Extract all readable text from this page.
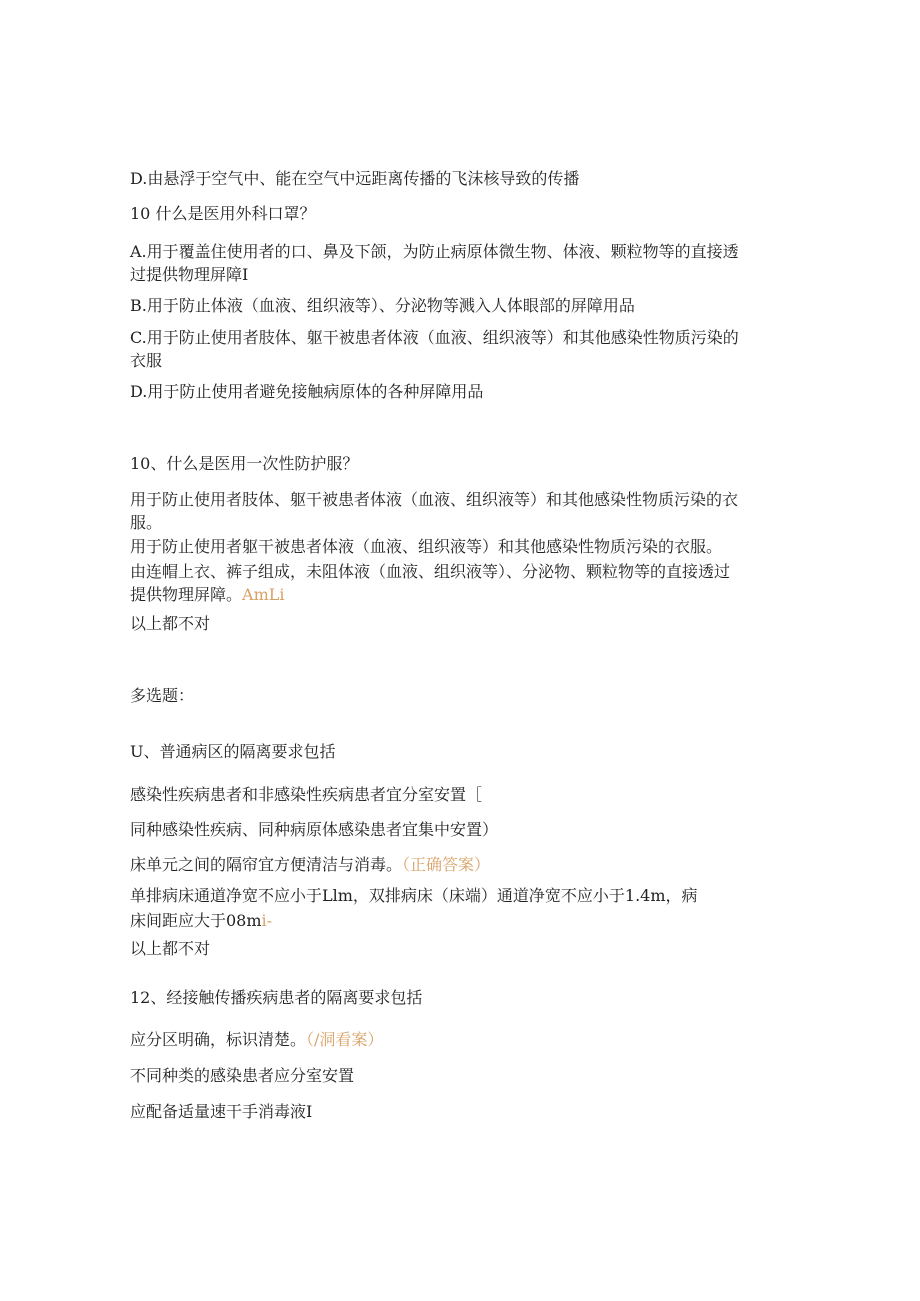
D.由悬浮于空气中、能在空气中远距离传播的飞沫核导致的传播

10 什么是医用外科口罩？

A.用于覆盖住使用者的口、鼻及下颌，为防止病原体微生物、体液、颗粒物等的直接透

过提供物理屏障Ⅰ

B.用于防止体液（血液、组织液等）、分泌物等溅入人体眼部的屏障用品

C.用于防止使用者肢体、躯干被患者体液（血液、组织液等）和其他感染性物质污染的

衣服

D.用于防止使用者避免接触病原体的各种屏障用品

10、什么是医用一次性防护服？

用于防止使用者肢体、躯干被患者体液（血液、组织液等）和其他感染性物质污染的衣

服。

用于防止使用者躯干被患者体液（血液、组织液等）和其他感染性物质污染的衣服。

由连帽上衣、裤子组成，未阻体液（血液、组织液等）、分泌物、颗粒物等的直接透过

提供物理屏障。AmLi

以上都不对

多选题：

U、普通病区的隔离要求包括

感染性疾病患者和非感染性疾病患者宜分室安置［

同种感染性疾病、同种病原体感染患者宜集中安置）

床单元之间的隔帘宜方便清洁与消毒。（正确答案）

单排病床通道净宽不应小于Llm，双排病床（床端）通道净宽不应小于1.4m，病

床间距应大于08mi-

以上都不对

12、经接触传播疾病患者的隔离要求包括

应分区明确，标识清楚。（/洞看案）

不同种类的感染患者应分室安置

应配备适量速干手消毒液Ⅰ
